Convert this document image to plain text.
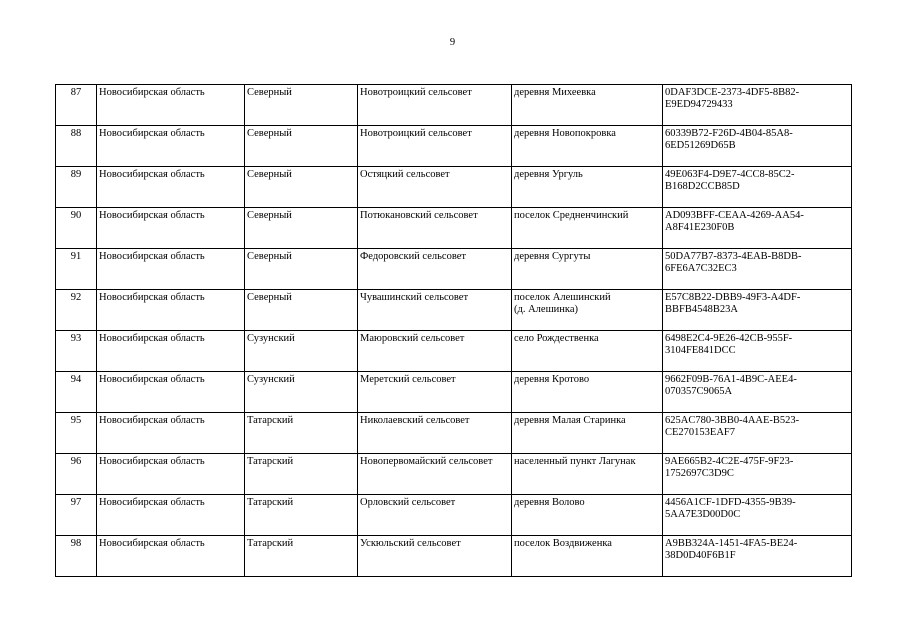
9
87	Новосибирская область	Северный	Новотроицкий сельсовет	деревня Михеевка	0DAF3DCE-2373-4DF5-8B82-
E9ED94729433

88	Новосибирская область	Северный	Новотроицкий сельсовет	деревня Новопокровка	60339B72-F26D-4B04-85A8-
6ED51269D65B

89	Новосибирская область	Северный	Остяцкий сельсовет	деревня Ургуль	49E063F4-D9E7-4CC8-85C2-
B168D2CCB85D

90	Новосибирская область	Северный	Потюкановский сельсовет	поселок Средненчинский	AD093BFF-CEAA-4269-AA54-
A8F41E230F0B

91	Новосибирская область	Северный	Федоровский сельсовет	деревня Сургуты	50DA77B7-8373-4EAB-B8DB-
6FE6A7C32EC3

92	Новосибирская область	Северный	Чувашинский сельсовет	поселок Алешинский
(д. Алешинка)	E57C8B22-DBB9-49F3-A4DF-
BBFB4548B23A

93	Новосибирская область	Сузунский	Маюровский сельсовет	село Рождественка	6498E2C4-9E26-42CB-955F-
3104FE841DCC

94	Новосибирская область	Сузунский	Меретский сельсовет	деревня Кротово	9662F09B-76A1-4B9C-AEE4-
070357C9065A

95	Новосибирская область	Татарский	Николаевский сельсовет	деревня Малая Старинка	625AC780-3BB0-4AAE-B523-
CE270153EAF7

96	Новосибирская область	Татарский	Новопервомайский сельсовет	населенный пункт Лагунак	9AE665B2-4C2E-475F-9F23-
1752697C3D9C

97	Новосибирская область	Татарский	Орловский сельсовет	деревня Волово	4456A1CF-1DFD-4355-9B39-
5AA7E3D00D0C

98	Новосибирская область	Татарский	Ускюльский сельсовет	поселок Воздвиженка	A9BB324A-1451-4FA5-BE24-
38D0D40F6B1F
